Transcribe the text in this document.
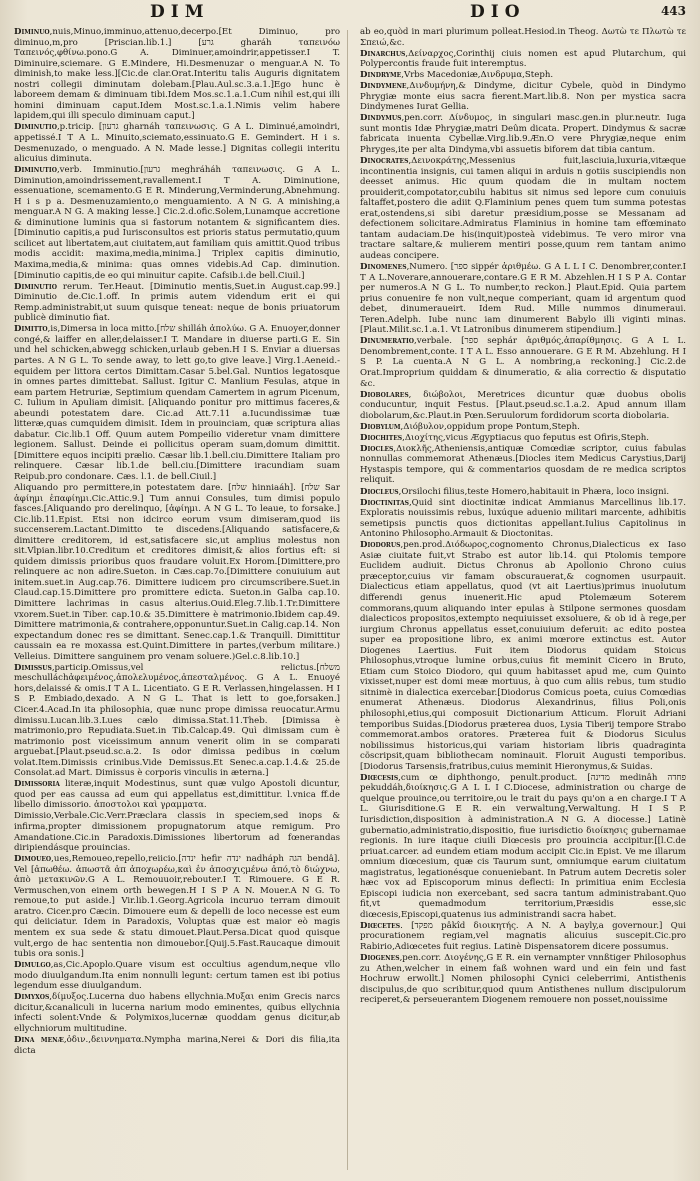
DIM	DIO	443

Diminuo,nuis,Minuo,imminuo,attenuo,decerpo.[Et Diminuo, pro diminuo,m,pro [Priscian.lib.1.] [גרע gharáh ταπεινόω Ταπεινός,φθίνω.pono.G A. Diminuer,amoindrir,appetisser.I T. Diminuire,sciemare. G E.Mindere, Hi.Desmenuzar o menguar.A N. To diminish,to make less.][Cic.de clar.Orat.Interitu talis Auguris dignitatem nostri collegii diminutam dolebam.[Plau.Aul.sc.3.a.1.]Ego hunc è laboreem demam & diminuam tibi.Idem Mos.sc.1.a.1.Cum nihil est,qui illi homini diminuam caput.Idem Most.sc.1.a.1.Nimis velim habere lapidem,qui illi speculo diminuam caput.]

Diminutio,p.tricip. [גרעון gharnáh ταπεινωσις. G A L. Diminué,amoindri, appetissé.I T A L. Minuito,sciemato,essinuato.G E. Gemindert. H i s. Desmenuzado, o menguado. A N. Made lesse.] Dignitas collegii interitu alicuius diminuta.

Diminutio,verb. Imminutio.[גרעון meghráháh ταπεινωσις. G A L. Diminution,amoindrissement,ravallement.I T A. Diminutione, essenuatione, scemamento.G E R. Minderung,Verminderung,Abnehmung. H i s p a. Desmenuzamiento,o menguamiento. A N G. A minishing,a menguar.A N G. A making lesse.] Cic.2.d.ofic.Solem,Lunamque accretione & diminutione luminis qua si fastorum notantem & significantem dies. [Diminutio capitis,a pud Iurisconsultos est prioris status permutatio,quum scilicet aut libertatem,aut ciuitatem,aut familiam quis amittit.Quod tribus modis accidit: maxima,media,minima.] Triplex capitis diminutio, Maxima,media,& minima: quas omnes videbis.Ad Cap. diminution. [Diminutio capitis,de eo qui minuitur capite. Cafsib.i.de bell.Ciuil.]

Diminutio rerum. Ter.Heaut. [Diminutio mentis,Suet.in August.cap.99.] Diminutio de.Cic.1.off. In primis autem videndum erit ei qui Remp.administrabit,ut suum quisque teneat: neque de bonis priuatorum publicè diminutio fiat.

Dimitto,is,Dimersa in loca mitto.[שלח shilláh ἀπολύω. G A. Enuoyer,donner congé,& laiffer en aller,delaisser.I T. Mandare in diuerse parti.G E. Sin und hel schicken,abwegg schicken,urlaub geben.H I S. Enviar a diuersas partes. A N G L. To sende away, to lett go,to give leave.] Virg.1.Aeneid.-equidem per littora certos Dimittam.Casar 5.bel.Gal. Nuntios legatosque in omnes partes dimittebat. Sallust. Igitur C. Manlium Fesulas, atque in eam partem Hetruriæ, Septimium quendam Camertem in agrum Picenum, C. Iulium in Apuliam dimisit. [Aliquando ponitur pro mittimus faceres,& abeundi potestatem dare. Cic.ad Att.7.11 a.Iucundissimæ tuæ litteræ,quas cumquidem dimisit. Idem in prouinciam, quæ scriptura alias dabatur. Cic.lib.1 Off. Quum autem Pompeilio videretur vnam dimittere legionem. Sallust. Deinde ei pollicitus operam suam,domum dimittit. [Dimittere equos incipiti prælio. Cæsar lib.1.bell.ciu.Dimittere Italiam pro relinquere. Cæsar lib.1.de bell.ciu.[Dimittere iracundiam suam Reipub.pro condonare. Cæs. l.1. de bell.Ciuil.]

Aliquando pro permittere,in potestatem dare. [שלח hinniaáh]. [שלח Sar ἀφίημι ἐπαφίημι.Cic.Attic.9.] Tum annui Consules, tum dimisi populo fasces.[Aliquando pro derelinquo, [ἀφίημι. A N G L. To leaue, to forsake.] Cic.lib.11.Epist. Etsi non idcirco eorum vsum dimiseram,quod iis succenserem.Lactant.Dimitto te discedens.[Aliquando satisfacere,& dimittere creditorem, id est,satisfacere sic,ut amplius molestus non sit.Vlpian.libr.10.Creditum et creditores dimisit,& alios fortius eft: si quidem dimissis prioribus quos fraudare voluit.Ex Horom.[Dimittere,pro relinquere ac non adire.Sueton. in Cæs.cap.7o.[Dimittere conuiuium aut initem.suet.in Aug.cap.76. Dimittere iudicem pro circumscribere.Suet.in Claud.cap.15.Dimittere pro promittere edicta. Sueton.in Galba cap.10. Dimittere lachrimas in casus alterius.Ouid.Eleg.7.lib.1.Tr.Dimittere vxorem.Suet.in Tiber. cap.10.& 35.Dimittere è matrimonio.Ibidem cap.49. Dimittere matrimonia,& contrahere,opponuntur.Suet.in Calig.cap.14. Non expectandum donec res se dimittant. Senec.cap.1.& Tranquill. Dimittitur caussain ea re moxassa est.Quint.Dimittere in partes,(verbum militare.) Velleius. Dimittere sanguinem pro venam soluere.)Gel.c.8.lib.10.]

Dimissus,particip.Omissus,vel relictus.[משלח meschulláchἀφειμένος,ἀπολελυμένος,ἀπεσταλμένος. G A L. Enuoyé hors,delaissé & omis.I T A L. Licentiato. G E R. Verlassen,hingelassen. H I S P. Embiado,dexado. A N G L. That is lett to goe,forsaken.] Cicer.4.Acad.In ita philosophia, quæ nunc prope dimissa reuocatur.Armu dimissu.Lucan.lib.3.Lues cælo dimissa.Stat.11.Theb. [Dimissa è matrimonio,pro Repudiata.Suet.in Tib.Calcap.49. Quì dimissam cum è matrimonio post viceissimum annum venerit olim in se comparati arguebat.[Plaut.pseud.sc.a.2. Is odor dimissa pedibus in cœlum volat.Item.Dimissis crinibus.Vide Demissus.Et Senec.a.cap.1.4.& 25.de Consolat.ad Mart. Dimissus è corporis vinculis in æterna.]

Dimissoria literæ,inquit Modestinus, sunt quæ vulgo Apostoli dicuntur, quod per eas caussa ad eum qui appellatus est,dimittitur. l.vnica ff.de libello dimissorio. ἀποστολοι καὶ γραμματα.

Dimissio,Verbale.Cic.Verr.Præclara classis in speciem,sed inops & infirma,propter dimissionem propugnatorum atque remigum. Pro Amandatione.Cic.in Paradoxis.Dimissiones libertorum ad fœnerandas diripiendásque prouincias.

Dimoueo,ues,Remoueo,repello,reiicio.[ינדה hefir ינדה nadháph הגה bendâ]. Vel [ἀπωθέω. ἀπωστᾶ ἀπ ἀποχωρέω,καὶ ἐν ἀποσχιςμένω ἀπό,τὸ διώχνω, ἀπὸ μετακινῶν.G A L. Remouuoir,rebouter.I T. Rimouere. G E R. Vermuschen,von einem orth bewegen.H I S P A N. Mouer.A N G. To remoue,to put aside.] Vir.lib.1.Georg.Agricola incuruo terram dimouit aratro. Cicer.pro Cæcin. Dimouere eum & depelli de loco necesse est eum qui deiiciatur. Idem in Paradoxis, Voluptas quæ est maior eò magis mentem ex sua sede & statu dimouet.Plaut.Persa.Dicat quod quisque vult,ergo de hac sententia non dimouebor.[Quij.5.Fast.Raucaque dimouit tubis ora sonis.]

Dimulgo,as,Cic.Apoplo.Quare visum est occultius agendum,neque vllo modo diuulgandum.Ita enim nonnulli legunt: certum tamen est ibi potius legendum esse diuulgandum.

Dimyxos,δίμυξος.Lucerna duo habens ellychnia.Μυξαι enim Grecis narcs dicitur,&canaliculi in lucerna narium modo eminentes, quibus ellychnia infecti solent:Vnde & Polymixos,lucernæ quoddam genus dicitur,ab ellychniorum multitudine.

Dina menæ,ὁδιν.,δειννηματα.Nympha marina,Nerei & Dori dis filia,ita dicta

ab eo,quòd in mari plurimum polleat.Hesiod.in Theog. Δωτὼ τε Πλωτὼ τε Σπειώ,&c.

Dinarchus,Δείναρχος,Corinthij ciuis nomen est apud Plutarchum, qui Polypercontis fraude fuit interemptus.

Dindryme,Vrbs Macedoniæ,Δινδρυμα,Steph.

Dindymene,Δινδυμήνη,& Dindyme, dicitur Cybele, quòd in Dindymo Phrygiæ monte eius sacra fierent.Mart.lib.8. Non per mystica sacra Dindymenes Iurat Gellia.

Dindymus,pen.corr. Δίνδυμος, in singulari masc.gen.in plur.neutr. Iuga sunt montis Idæ Phrygiæ,matri Deûm dicata. Propert. Dindymus & sacræ fabricata inuenta Cybellæ.Virg.lib.9.Æn.O vere Phrygiæ,neque enim Phryges,ite per alta Dindyma,vbi assuetis biforem dat tibia cantum.

Dinocrates,Δεινοκράτης,Messenius fuit,lasciuia,luxuria,vitæque incontinentia insignis, cui tamen aliqui in arduis n gotiis suscipiendis non deesset animus. Hic quum quodam die in multam noctem prouiderit,compotator,cubilu habitus sit nimus sed lepore cum conuiuis faltaffet,postero die adiit Q.Flaminium penes quem tum summa potestas erat,ostendens,si sibi daretur præsidium,posse se Messanam ad defectionem solicitare.Admiratus Flaminius in homine tam effœminato tantam audaciam.De his(inquit)posteà videbimus. Te vero miror vna tractare saltare,& mulierem mentiri posse,quum rem tantam animo audeas concipere.

Dinomenes,Numero. [ספר sippér ἀριθμέω. G A L L I C. Denombrer,conter.I T A L.Noverare,annouerare,contare.G E R M. Abzehlen.H I S P A. Contar per numeros.A N G L. To number,to reckon.] Plaut.Epid. Quia partem prius conuenire fe non vult,neque comperiant, quam id argentum quod debet, dinumeraueirt. Idem Rud. Mille nummos dinumeraui. Teren.Adelph. Iube nunc iam dinumerent Babylo illi viginti minas. [Plaut.Milit.sc.1.a.1. Vt Latronibus dinumerem stipendium.]

Dinumeratio,verbale. [ספר sephár ἀριθμός,ἀπαρίθμησις. G A L L. Denombrement,conte. I T A L. Esso annouerare. G E R M. Abzehlung. H I S P. La cuenta.A N G L. A nombring,a reckoning.] Cic.2.de Orat.Improprium quiddam & dinumeratio, & alia correctio & disputatio &c.

Diobolares, διώβολοι, Meretrices dicuntur quæ duobus obolis conducuntur, inquit Festus. [Plaut.pseud.sc.1.a.2. Apud annum illam diobolarum,&c.Plaut.in Pœn.Seruulorum fordidorum scorta diobolaria.

Diobylum,Διόβυλον,oppidum prope Pontum,Steph.

Diochites,Διοχίτης,vicus Ægyptiacus quo feputus est Ofiris,Steph.

Diocles,Διοκλῆς,Atheniensis,antiquæ Comœdiæ scriptor, cuius fabulas nonnullas commemorat Athenæus.[Diocles item Medicus Carystius,Darij Hystaspis tempore, qui & commentarios quosdam de re medica scriptos reliquit.

Diocleus,Orsilochi filius,teste Homero,habitauit in Phæra, loco insigni.

Dioctinitas,Quid sint dioctinitæ indicat Ammianus Marcellinus lib.17. Exploratis nouissimis rebus, luxúque aduenio militari marcente, adhibitis semetipsis punctis quos dictionitas appellant.Iulius Capitolinus in Antonino Philosopho.Armauit & Dioctonitas.

Diodorus,pen.prod.Διόδωρος,cognomento Chronus,Dialecticus ex Iaso Asiæ ciuitate fuit,vt Strabo est autor lib.14. qui Ptolomis tempore Euclidem audiuit. Dictus Chronus ab Apollonio Chrono cuius præceptor,cuius vir famam obscurauerat,& cognomen usurpauit. Dialecticus etiam appellatus, quod (vt ait Laertius)primus inuolutum differendi genus inuenerit.Hic apud Ptolemæum Soterem commorans,quum aliquando inter epulas à Stilpone sermones quosdam dialecticos propositos,extempto nequiuisset exsoluere, & ob id à rege,per iurgium Chronus appellatus esset,conuiuium deferuit: ac edito postea super ea propositione libro, ex animi mœrore extinctus est. Autor Diogenes Laertius. Fuit item Diodorus quidam Stoicus Philosophus,vtroque lumine orbus,cuius fit meminit Cicero in Bruto, Etiam cum Stoico Diodoro, qui quum habitasset apud me, cum Quinto vixisset,nuper est domi meæ mortuus, à quo cum aliis rebus, tum studio sitnimè in dialectica exercebar.[Diodorus Comicus poeta, cuius Comœdias enumerat Athenæus. Diodorus Alexandrinus, filius Poli,onis philosophi,etius,qui composuit Dictionarium Atticum. Floruit Adriani temporibus Suidas.[Diodorus præterea duos, Lysia Tiberij tempore Strabo commemorat.ambos oratores. Præterea fuit & Diodorus Siculus nobilissimus historicus,qui variam historiam libris quadraginta cõscripsit,quam bibliothecam nominauit. Floruit Augusti temporibus.[Diodorus Tarsensis,fratribus,cuius meminit Hieronymus,& Suidas.

Diœcesis,cum œ diphthongo, penult.product. [מדינה medinâh פחדה pekuddáh,διοίκησις.G A L L I C.Diocese, administration ou charge de quelque prouince,ou territoire,ou le trait du pays qu'on a en charge.I T A L. Giurisditione.G E R. ein verwaltung,Verwaltung. H I S P. Iurisdiction,disposition à administration.A N G. A diocesse.] Latinè gubernatio,administratio,dispositio, fiue iurisdictio διοίκησις gubernamae regionis. In iure itaque ciuili Diœcesis pro prouincia accipitur.[[l.C.de priuat.carcer. ad eundem etiam modum accipit Cic.in Epist. Ve me illarum omnium diœcesium, quæ cis Taurum sunt, omniumque earum ciuitatum magistratus, legationésque conueniebant. In Patrum autem Decretis soler hæc vox ad Episcoporum minus deflecti: In primitiua enim Ecclesia Episcopi iudicia non exercebant, sed sacra tantum administrabant.Quo fit,vt quemadmodum territorium,Præsidis esse,sic diœcesis,Episcopi,quatenus ius administrandi sacra habet.

Diœcetes. [מפקד pâkîd διοικητής. A N. A bayly,a governour.] Qui procurationem regiam,vel magnatis alicuius suscepit.Cic.pro Rabirio,Adiœcetes fuit regius. Latinè Dispensatorem dicere possumus.

Diogenes,pen.corr. Διογένης,G E R. ein vernampter vnnßtiger Philosophus zu Athen,welcher in einem faß wohnen ward und ein fein und fast Hochruw erwollt.] Nomen philosophi Cynici celeberrimi, Antisthenis discipulus,de quo scribitur,quod quum Antisthenes nullum discipulorum reciperet,& perseuerantem Diogenem remouere non posset,nouissime
